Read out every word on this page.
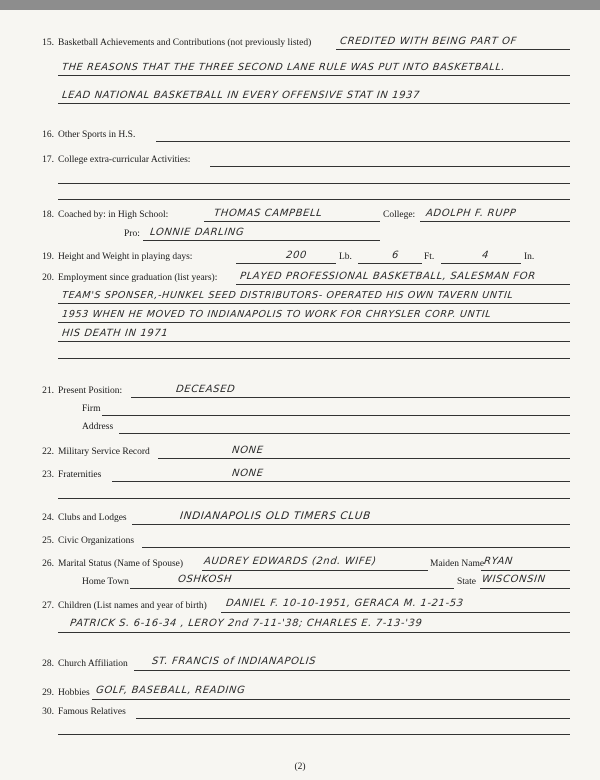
15. Basketball Achievements and Contributions (not previously listed)	CREDITED WITH BEING PART OF
THE REASONS THAT THE THREE SECOND LANE RULE WAS PUT INTO BASKETBALL.
LEAD NATIONAL BASKETBALL IN EVERY OFFENSIVE STAT IN 1937
16. Other Sports in H.S.
17. College extra-curricular Activities:
18. Coached by: in High School:	THOMAS CAMPBELL	College: ADOLPH F. RUPP
Pro: LONNIE DARLING
19. Height and Weight in playing days:	200	Lb.	6	Ft.	4	In.
20. Employment since graduation (list years): PLAYED PROFESSIONAL BASKETBALL, SALESMAN FOR
TEAM'S SPONSER,-HUNKEL SEED DISTRIBUTORS- OPERATED HIS OWN TAVERN UNTIL
1953 WHEN HE MOVED TO INDIANAPOLIS TO WORK FOR CHRYSLER CORP. UNTIL
HIS DEATH IN 1971
21. Present Position:	DECEASED
Firm
Address
22. Military Service Record	NONE
23. Fraternities	NONE
24. Clubs and Lodges	INDIANAPOLIS OLD TIMERS CLUB
25. Civic Organizations
26. Marital Status (Name of Spouse) AUDREY EDWARDS (2nd. WIFE)	Maiden Name RYAN
Home Town	OSHKOSH	State WISCONSIN
27. Children (List names and year of birth) DANIEL F. 10-10-1951, GERACA M. 1-21-53
PATRICK S. 6-16-34 , LEROY 2nd 7-11-'38; CHARLES E. 7-13-'39
28. Church Affiliation ST. FRANCIS of INDIANAPOLIS
29. Hobbies GOLF, BASEBALL, READING
30. Famous Relatives
(2)
